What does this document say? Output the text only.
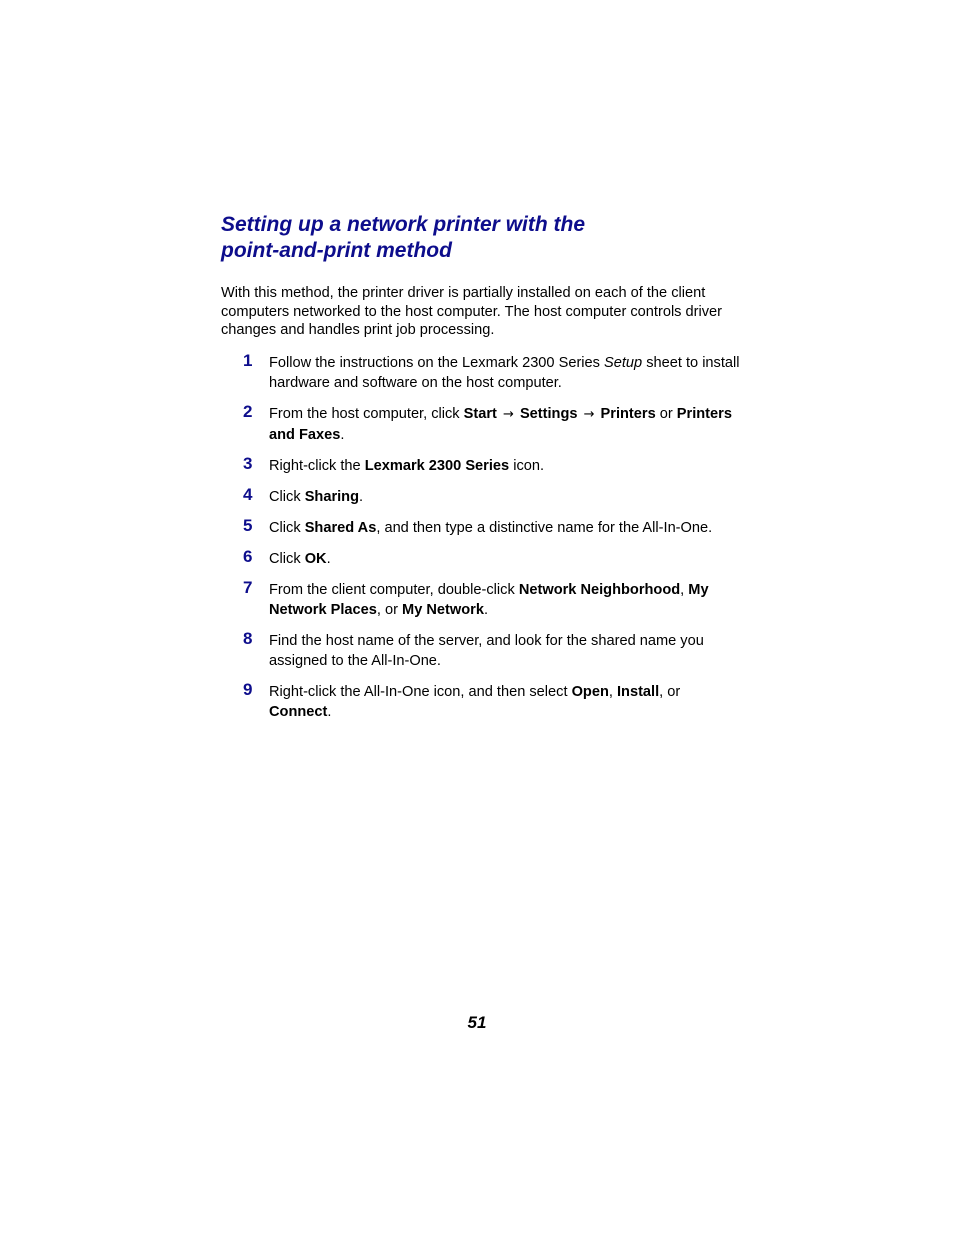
Setting up a network printer with the
point-and-print method

With this method, the printer driver is partially installed on each of the client computers networked to the host computer. The host computer controls driver changes and handles print job processing.

1 Follow the instructions on the Lexmark 2300 Series Setup sheet to install hardware and software on the host computer.
2 From the host computer, click Start → Settings → Printers or Printers and Faxes.
3 Right-click the Lexmark 2300 Series icon.
4 Click Sharing.
5 Click Shared As, and then type a distinctive name for the All-In-One.
6 Click OK.
7 From the client computer, double-click Network Neighborhood, My Network Places, or My Network.
8 Find the host name of the server, and look for the shared name you assigned to the All-In-One.
9 Right-click the All-In-One icon, and then select Open, Install, or Connect.
51
